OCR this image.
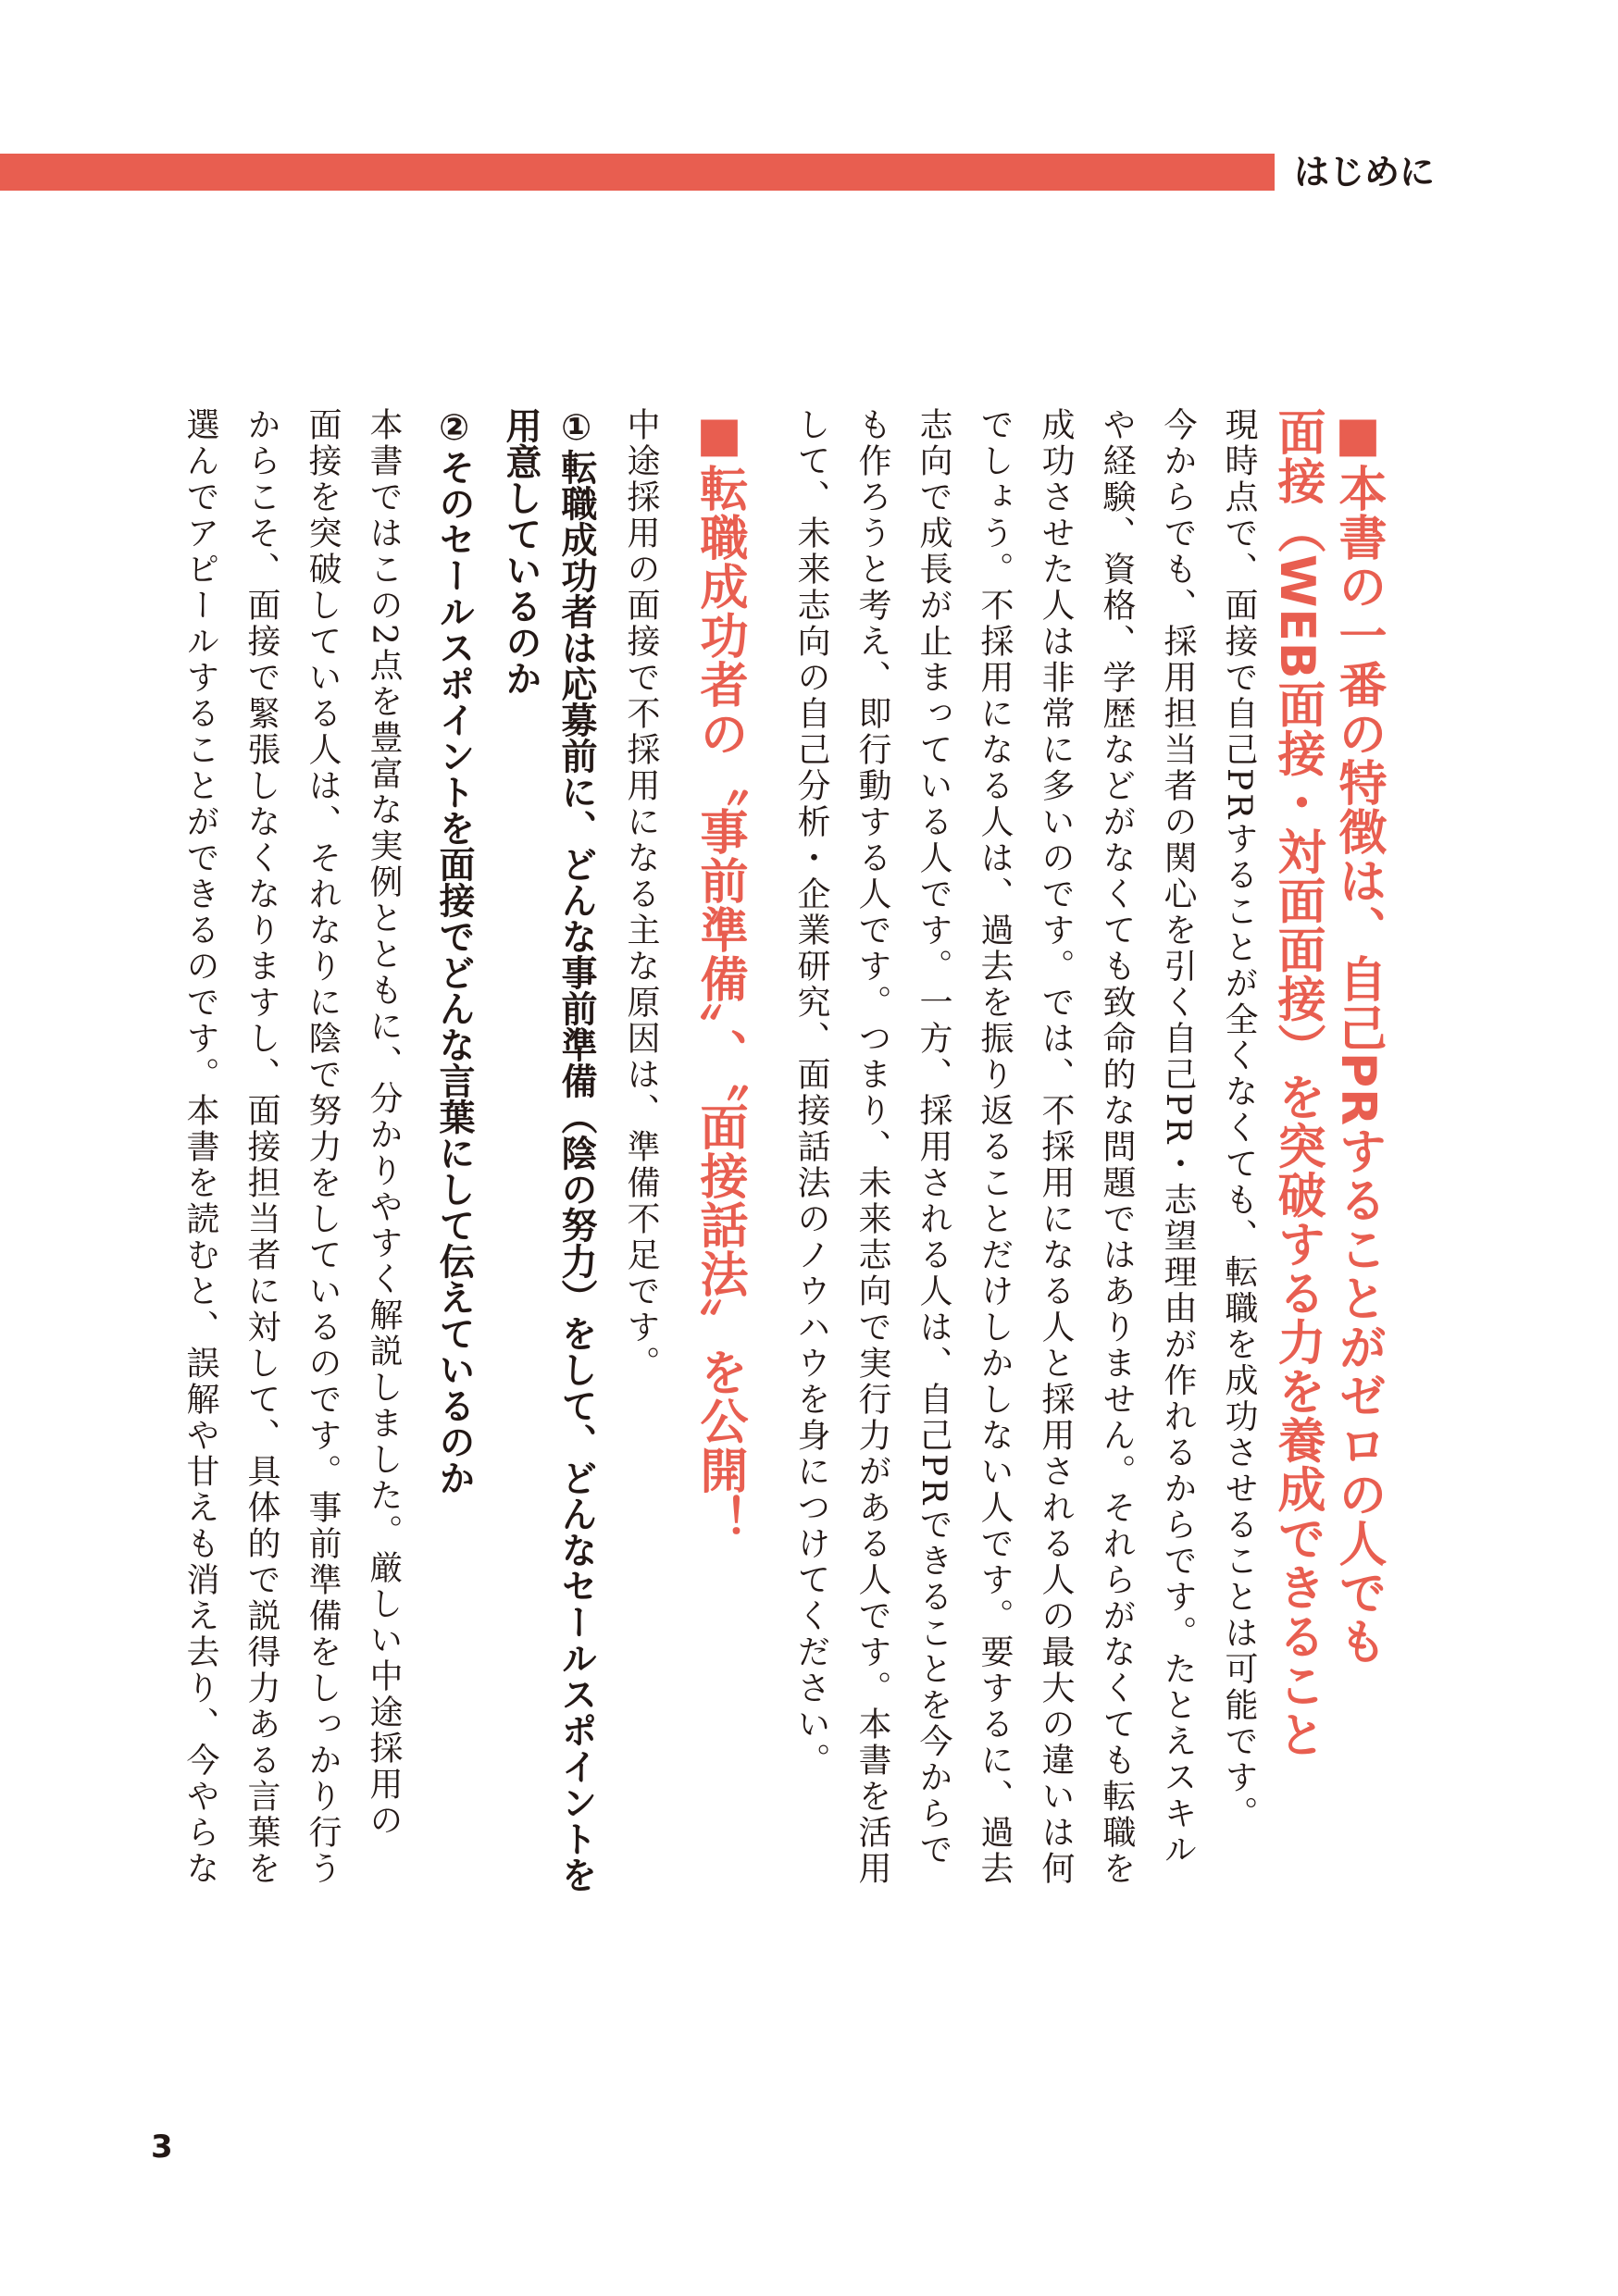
はじめに
■本書の一番の特徴は、自己PRすることがゼロの人でも
面接（WEB面接・対面面接）を突破する力を養成できること
現時点で、面接で自己PRすることが全くなくても、転職を成功させることは可能です。
今からでも、採用担当者の関心を引く自己PR・志望理由が作れるからです。たとえスキル
や経験、資格、学歴などがなくても致命的な問題ではありません。それらがなくても転職を
成功させた人は非常に多いのです。では、不採用になる人と採用される人の最大の違いは何
でしょう。不採用になる人は、過去を振り返ることだけしかしない人です。要するに、過去
志向で成長が止まっている人です。一方、採用される人は、自己PRできることを今からで
も作ろうと考え、即行動する人です。つまり、未来志向で実行力がある人です。本書を活用
して、未来志向の自己分析・企業研究、面接話法のノウハウを身につけてください。
■転職成功者の〝事前準備〟、〝面接話法〟を公開！
中途採用の面接で不採用になる主な原因は、準備不足です。
①転職成功者は応募前に、どんな事前準備（陰の努力）をして、どんなセールスポイントを
用意しているのか
②そのセールスポイントを面接でどんな言葉にして伝えているのか
本書ではこの2点を豊富な実例とともに、分かりやすく解説しました。厳しい中途採用の
面接を突破している人は、それなりに陰で努力をしているのです。事前準備をしっかり行う
からこそ、面接で緊張しなくなりますし、面接担当者に対して、具体的で説得力ある言葉を
選んでアピールすることができるのです。本書を読むと、誤解や甘えも消え去り、今やらな
3
